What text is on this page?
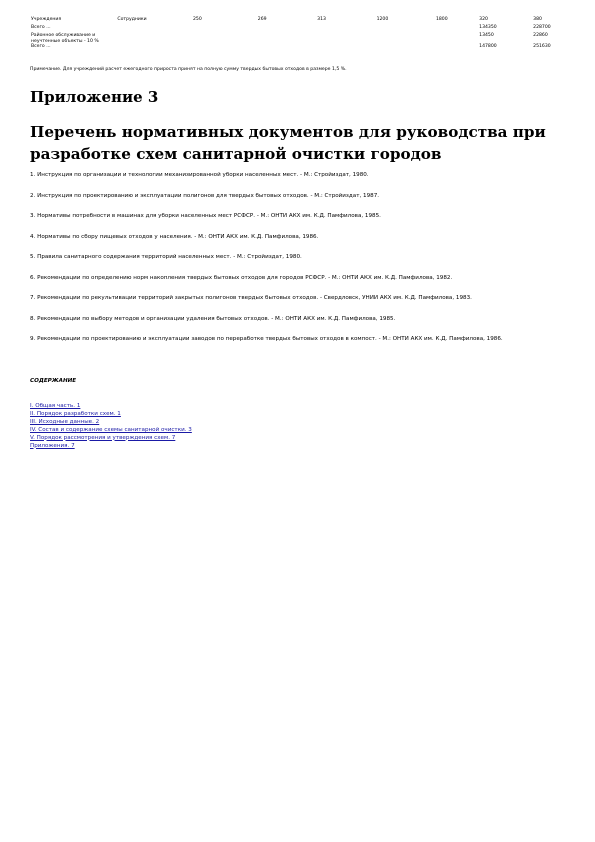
Учреждения	Сотрудники	250	269	313	1200	1800	320	380
Всего ...							134350	228700
Районное обслуживание и неучтенные объекты - 10 %							13450	22860
Всего ...							147800	251630
Примечание. Для учреждений расчет ежегодного прироста принят на полную сумму твердых бытовых отходов в размере 1,5 %.
Приложение 3
Перечень нормативных документов для руководства при разработке схем санитарной очистки городов

1. Инструкция по организации и технологии механизированной уборки населенных мест. - М.: Стройиздат, 1980.

2. Инструкция по проектированию и эксплуатации полигонов для твердых бытовых отходов. - М.: Стройиздат, 1987.

3. Нормативы потребности в машинах для уборки населенных мест РСФСР. - М.: ОНТИ АКХ им. К.Д. Памфилова, 1985.

4. Нормативы по сбору пищевых отходов у населения. - М.: ОНТИ АКХ им. К.Д. Памфилова, 1986.

5. Правила санитарного содержания территорий населенных мест. - М.: Стройиздат, 1980.

6. Рекомендации по определению норм накопления твердых бытовых отходов для городов РСФСР. - М.: ОНТИ АКХ им. К.Д. Памфилова, 1982.

7. Рекомендации по рекультивации территорий закрытых полигонов твердых бытовых отходов. - Свердловск, УНИИ АКХ им. К.Д. Памфилова, 1983.

8. Рекомендации по выбору методов и организации удаления бытовых отходов. - М.: ОНТИ АКХ им. К.Д. Памфилова, 1985.

9. Рекомендации по проектированию и эксплуатации заводов по переработке твердых бытовых отходов в компост. - М.: ОНТИ АКХ им. К.Д. Памфилова, 1986.

СОДЕРЖАНИЕ
I. Общая часть. 1
II. Порядок разработки схем. 1
III. Исходные данные. 2
IV. Состав и содержание схемы санитарной очистки. 3
V. Порядок рассмотрения и утверждения схем. 7
Приложения. 7
